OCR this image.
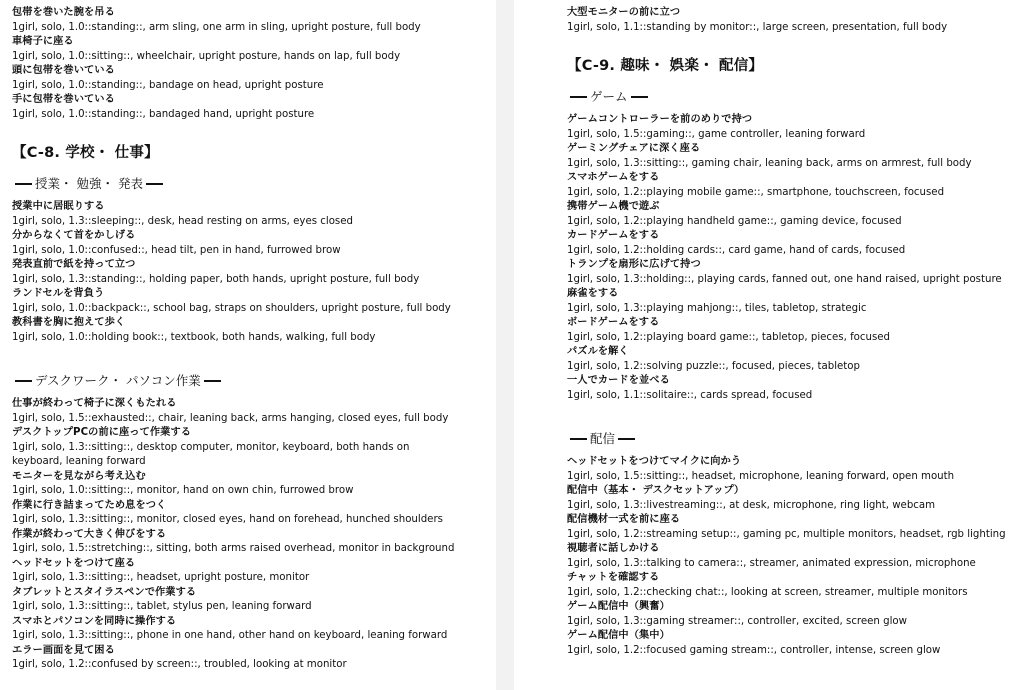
包帯を巻いた腕を吊る
1girl, solo, 1.0::standing::, arm sling, one arm in sling, upright posture, full body
車椅子に座る
1girl, solo, 1.0::sitting::, wheelchair, upright posture, hands on lap, full body
頭に包帯を巻いている
1girl, solo, 1.0::standing::, bandage on head, upright posture
手に包帯を巻いている
1girl, solo, 1.0::standing::, bandaged hand, upright posture
【C-8. 学校・ 仕事】
授業・ 勉強・ 発表
授業中に居眠りする
1girl, solo, 1.3::sleeping::, desk, head resting on arms, eyes closed
分からなくて首をかしげる
1girl, solo, 1.0::confused::, head tilt, pen in hand, furrowed brow
発表直前で紙を持って立つ
1girl, solo, 1.3::standing::, holding paper, both hands, upright posture, full body
ランドセルを背負う
1girl, solo, 1.0::backpack::, school bag, straps on shoulders, upright posture, full body
教科書を胸に抱えて歩く
1girl, solo, 1.0::holding book::, textbook, both hands, walking, full body
デスクワーク・ パソコン作業
仕事が終わって椅子に深くもたれる
1girl, solo, 1.5::exhausted::, chair, leaning back, arms hanging, closed eyes, full body
デスクトップPCの前に座って作業する
1girl, solo, 1.3::sitting::, desktop computer, monitor, keyboard, both hands on keyboard, leaning forward
モニターを見ながら考え込む
1girl, solo, 1.0::sitting::, monitor, hand on own chin, furrowed brow
作業に行き詰まってため息をつく
1girl, solo, 1.3::sitting::, monitor, closed eyes, hand on forehead, hunched shoulders
作業が終わって大きく伸びをする
1girl, solo, 1.5::stretching::, sitting, both arms raised overhead, monitor in background
ヘッドセットをつけて座る
1girl, solo, 1.3::sitting::, headset, upright posture, monitor
タブレットとスタイラスペンで作業する
1girl, solo, 1.3::sitting::, tablet, stylus pen, leaning forward
スマホとパソコンを同時に操作する
1girl, solo, 1.3::sitting::, phone in one hand, other hand on keyboard, leaning forward
エラー画面を見て困る
1girl, solo, 1.2::confused by screen::, troubled, looking at monitor
大型モニターの前に立つ
1girl, solo, 1.1::standing by monitor::, large screen, presentation, full body
【C-9. 趣味・ 娯楽・ 配信】
ゲーム
ゲームコントローラーを前のめりで持つ
1girl, solo, 1.5::gaming::, game controller, leaning forward
ゲーミングチェアに深く座る
1girl, solo, 1.3::sitting::, gaming chair, leaning back, arms on armrest, full body
スマホゲームをする
1girl, solo, 1.2::playing mobile game::, smartphone, touchscreen, focused
携帯ゲーム機で遊ぶ
1girl, solo, 1.2::playing handheld game::, gaming device, focused
カードゲームをする
1girl, solo, 1.2::holding cards::, card game, hand of cards, focused
トランプを扇形に広げて持つ
1girl, solo, 1.3::holding::, playing cards, fanned out, one hand raised, upright posture
麻雀をする
1girl, solo, 1.3::playing mahjong::, tiles, tabletop, strategic
ボードゲームをする
1girl, solo, 1.2::playing board game::, tabletop, pieces, focused
パズルを解く
1girl, solo, 1.2::solving puzzle::, focused, pieces, tabletop
一人でカードを並べる
1girl, solo, 1.1::solitaire::, cards spread, focused
配信
ヘッドセットをつけてマイクに向かう
1girl, solo, 1.5::sitting::, headset, microphone, leaning forward, open mouth
配信中（基本・ デスクセットアップ）
1girl, solo, 1.3::livestreaming::, at desk, microphone, ring light, webcam
配信機材一式を前に座る
1girl, solo, 1.2::streaming setup::, gaming pc, multiple monitors, headset, rgb lighting
視聴者に話しかける
1girl, solo, 1.3::talking to camera::, streamer, animated expression, microphone
チャットを確認する
1girl, solo, 1.2::checking chat::, looking at screen, streamer, multiple monitors
ゲーム配信中（興奮）
1girl, solo, 1.3::gaming streamer::, controller, excited, screen glow
ゲーム配信中（集中）
1girl, solo, 1.2::focused gaming stream::, controller, intense, screen glow
